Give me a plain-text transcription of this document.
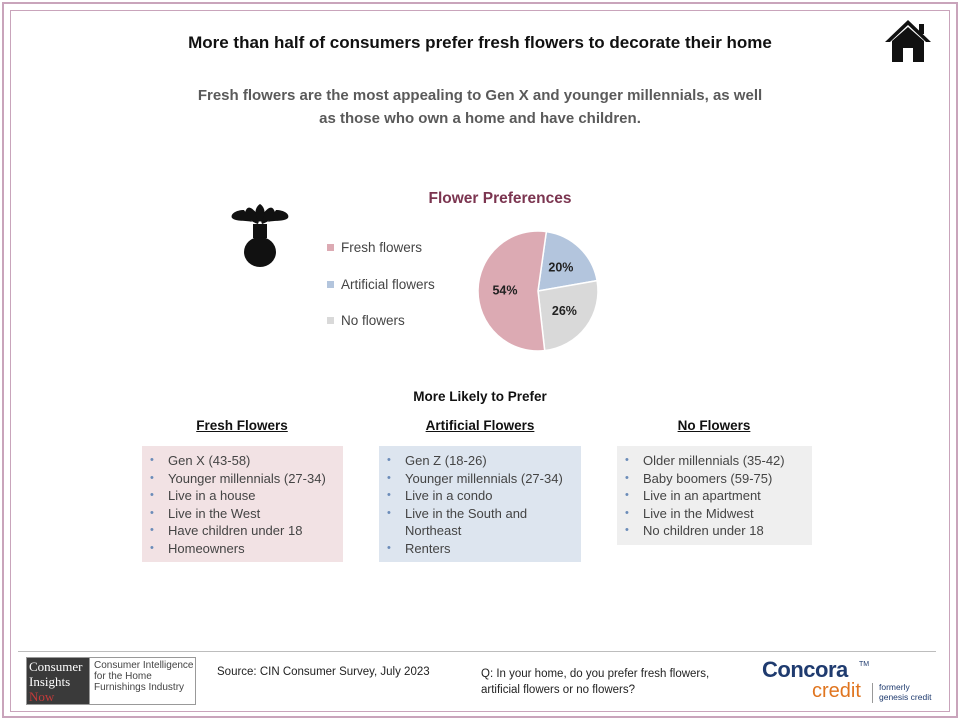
More than half of consumers prefer fresh flowers to decorate their home
Fresh flowers are the most appealing to Gen X and younger millennials, as well
as those who own a home and have children.
Flower Preferences
Fresh flowers
Artificial flowers
No flowers
20%
26%
54%
More Likely to Prefer
Fresh Flowers	Artificial Flowers	No Flowers
• Gen X (43-58)
• Younger millennials (27-34)
• Live in a house
• Live in the West
• Have children under 18
• Homeowners
• Gen Z (18-26)
• Younger millennials (27-34)
• Live in a condo
• Live in the South and Northeast
• Renters
• Older millennials (35-42)
• Baby boomers (59-75)
• Live in an apartment
• Live in the Midwest
• No children under 18
Consumer
Insights
Now
Consumer Intelligence for the Home Furnishings Industry
Source: CIN Consumer Survey, July 2023	Q: In your home, do you prefer fresh flowers, artificial flowers or no flowers?
Concora TM
credit formerly
genesis credit
